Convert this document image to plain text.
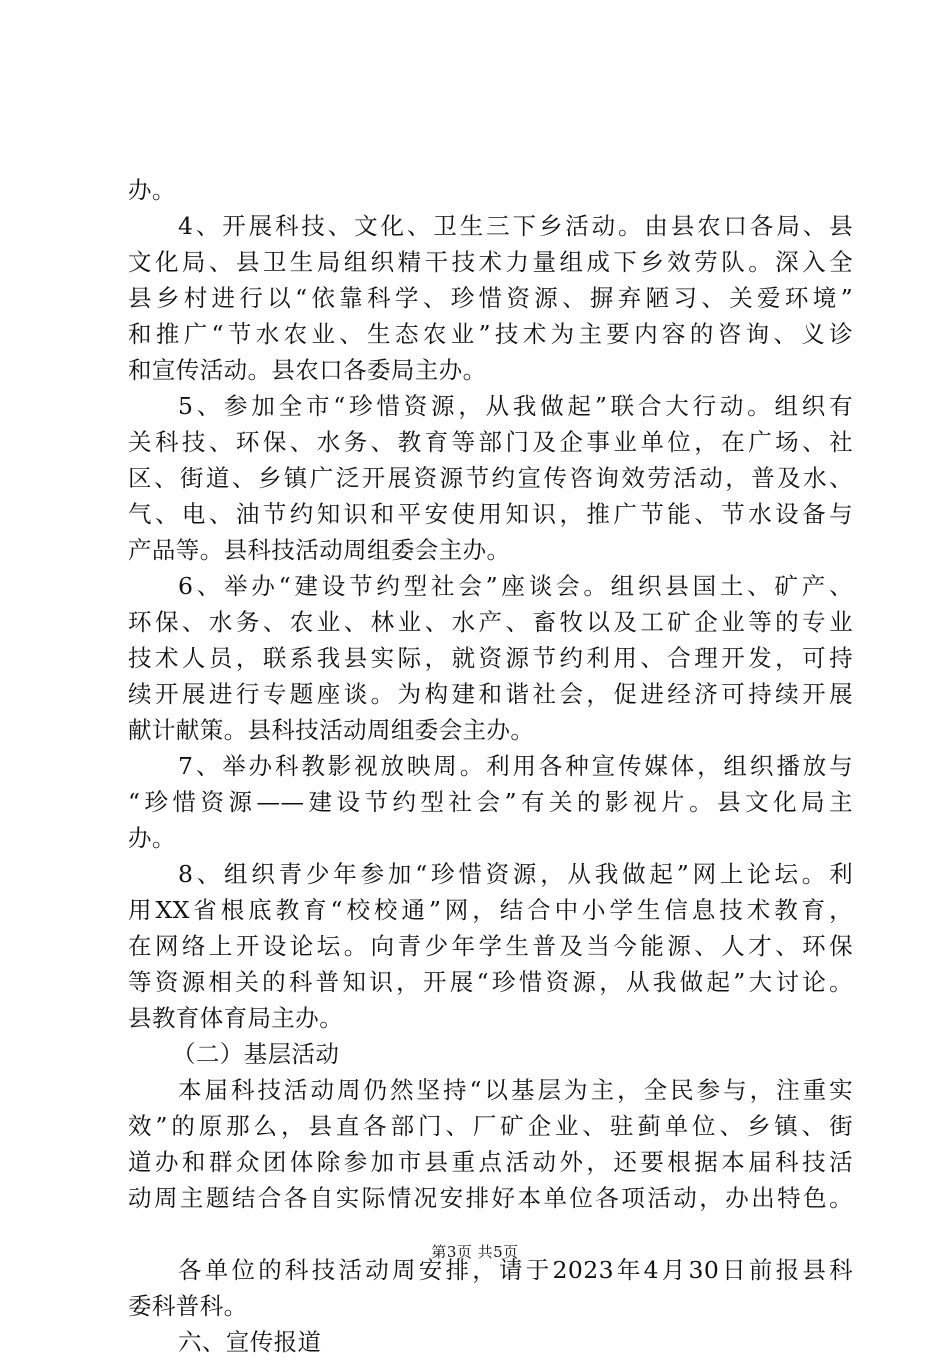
办。
4、开展科技、文化、卫生三下乡活动。由县农口各局、县
文化局、县卫生局组织精干技术力量组成下乡效劳队。深入全
县乡村进行以“依靠科学、珍惜资源、摒弃陋习、关爱环境”
和推广“节水农业、生态农业”技术为主要内容的咨询、义诊
和宣传活动。县农口各委局主办。
5、参加全市“珍惜资源，从我做起”联合大行动。组织有
关科技、环保、水务、教育等部门及企事业单位，在广场、社
区、街道、乡镇广泛开展资源节约宣传咨询效劳活动，普及水、
气、电、油节约知识和平安使用知识，推广节能、节水设备与
产品等。县科技活动周组委会主办。
6、举办“建设节约型社会”座谈会。组织县国土、矿产、
环保、水务、农业、林业、水产、畜牧以及工矿企业等的专业
技术人员，联系我县实际，就资源节约利用、合理开发，可持
续开展进行专题座谈。为构建和谐社会，促进经济可持续开展
献计献策。县科技活动周组委会主办。
7、举办科教影视放映周。利用各种宣传媒体，组织播放与
“珍惜资源——建设节约型社会”有关的影视片。县文化局主
办。
8、组织青少年参加“珍惜资源，从我做起”网上论坛。利
用XX省根底教育“校校通”网，结合中小学生信息技术教育，
在网络上开设论坛。向青少年学生普及当今能源、人才、环保
等资源相关的科普知识，开展“珍惜资源，从我做起”大讨论。
县教育体育局主办。
（二）基层活动
本届科技活动周仍然坚持“以基层为主，全民参与，注重实
效”的原那么，县直各部门、厂矿企业、驻蓟单位、乡镇、街
道办和群众团体除参加市县重点活动外，还要根据本届科技活
动周主题结合各自实际情况安排好本单位各项活动，办出特色。
各单位的科技活动周安排，请于2023年4月30日前报县科
委科普科。
六、宣传报道
第3页 共5页
